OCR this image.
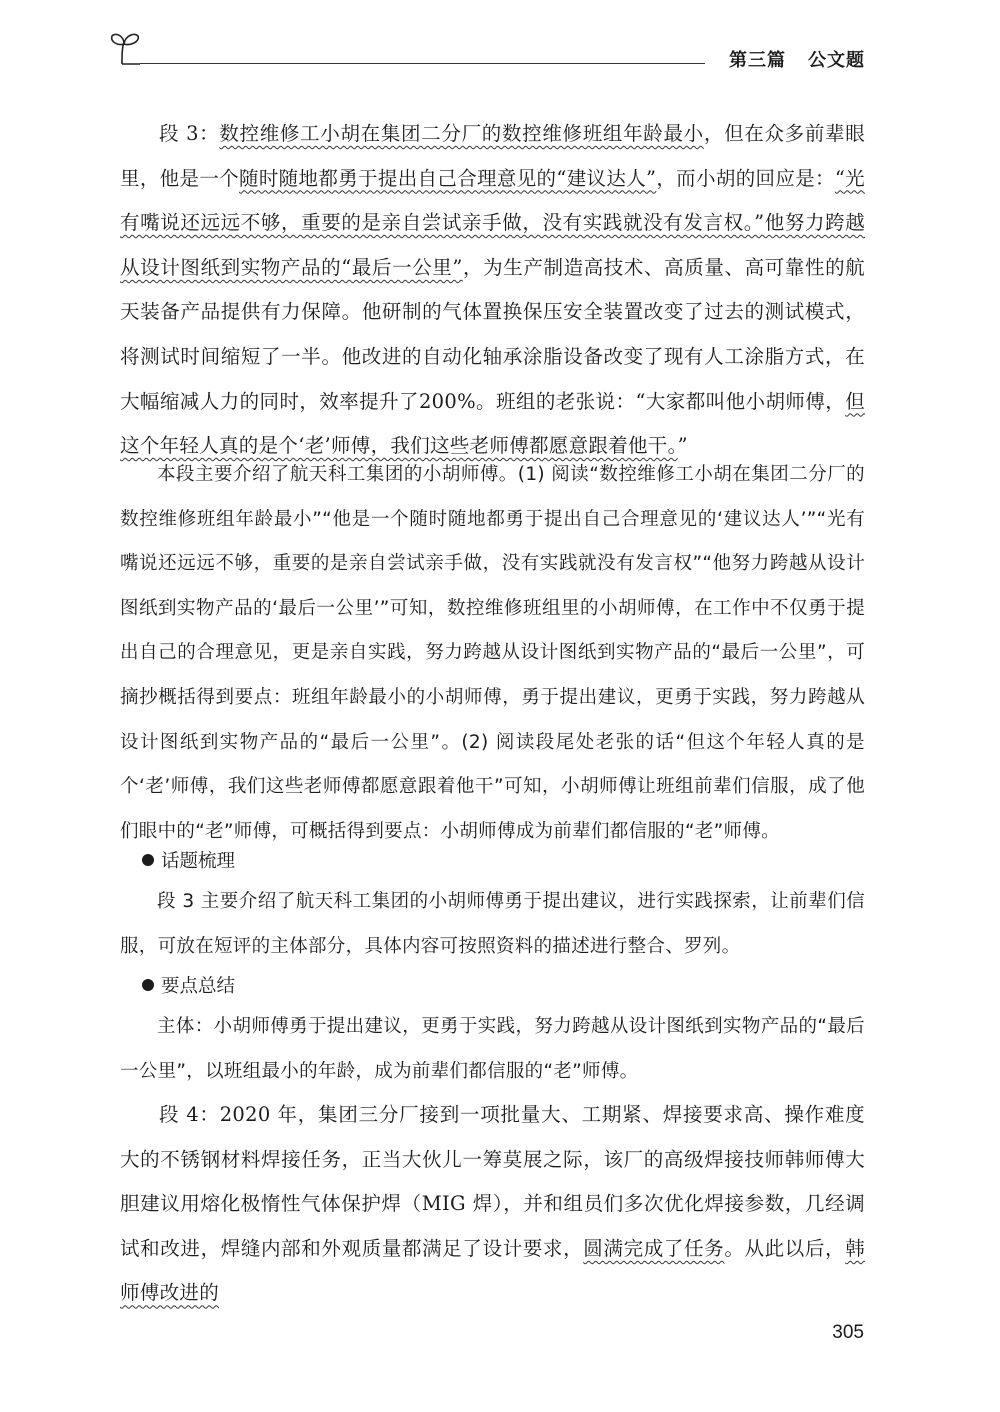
第三篇 公文题

段 3：数控维修工小胡在集团二分厂的数控维修班组年龄最小，但在众多前辈眼里，他是一个随时随地都勇于提出自己合理意见的“建议达人”，而小胡的回应是：“光有嘴说还远远不够，重要的是亲自尝试亲手做，没有实践就没有发言权。”他努力跨越从设计图纸到实物产品的“最后一公里”，为生产制造高技术、高质量、高可靠性的航天装备产品提供有力保障。他研制的气体置换保压安全装置改变了过去的测试模式，将测试时间缩短了一半。他改进的自动化轴承涂脂设备改变了现有人工涂脂方式，在大幅缩减人力的同时，效率提升了200%。班组的老张说：“大家都叫他小胡师傅，但这个年轻人真的是个‘老’师傅，我们这些老师傅都愿意跟着他干。”

本段主要介绍了航天科工集团的小胡师傅。(1) 阅读“数控维修工小胡在集团二分厂的数控维修班组年龄最小”“他是一个随时随地都勇于提出自己合理意见的‘建议达人’”“光有嘴说还远远不够，重要的是亲自尝试亲手做，没有实践就没有发言权”“他努力跨越从设计图纸到实物产品的‘最后一公里’”可知，数控维修班组里的小胡师傅，在工作中不仅勇于提出自己的合理意见，更是亲自实践，努力跨越从设计图纸到实物产品的“最后一公里”，可摘抄概括得到要点：班组年龄最小的小胡师傅，勇于提出建议，更勇于实践，努力跨越从设计图纸到实物产品的“最后一公里”。(2) 阅读段尾处老张的话“但这个年轻人真的是个‘老’师傅，我们这些老师傅都愿意跟着他干”可知，小胡师傅让班组前辈们信服，成了他们眼中的“老”师傅，可概括得到要点：小胡师傅成为前辈们都信服的“老”师傅。

话题梳理

段 3 主要介绍了航天科工集团的小胡师傅勇于提出建议，进行实践探索，让前辈们信服，可放在短评的主体部分，具体内容可按照资料的描述进行整合、罗列。

要点总结

主体：小胡师傅勇于提出建议，更勇于实践，努力跨越从设计图纸到实物产品的“最后一公里”，以班组最小的年龄，成为前辈们都信服的“老”师傅。

段 4：2020 年，集团三分厂接到一项批量大、工期紧、焊接要求高、操作难度大的不锈钢材料焊接任务，正当大伙儿一筹莫展之际，该厂的高级焊接技师韩师傅大胆建议用熔化极惰性气体保护焊（MIG 焊），并和组员们多次优化焊接参数，几经调试和改进，焊缝内部和外观质量都满足了设计要求，圆满完成了任务。从此以后，韩师傅改进的

305
